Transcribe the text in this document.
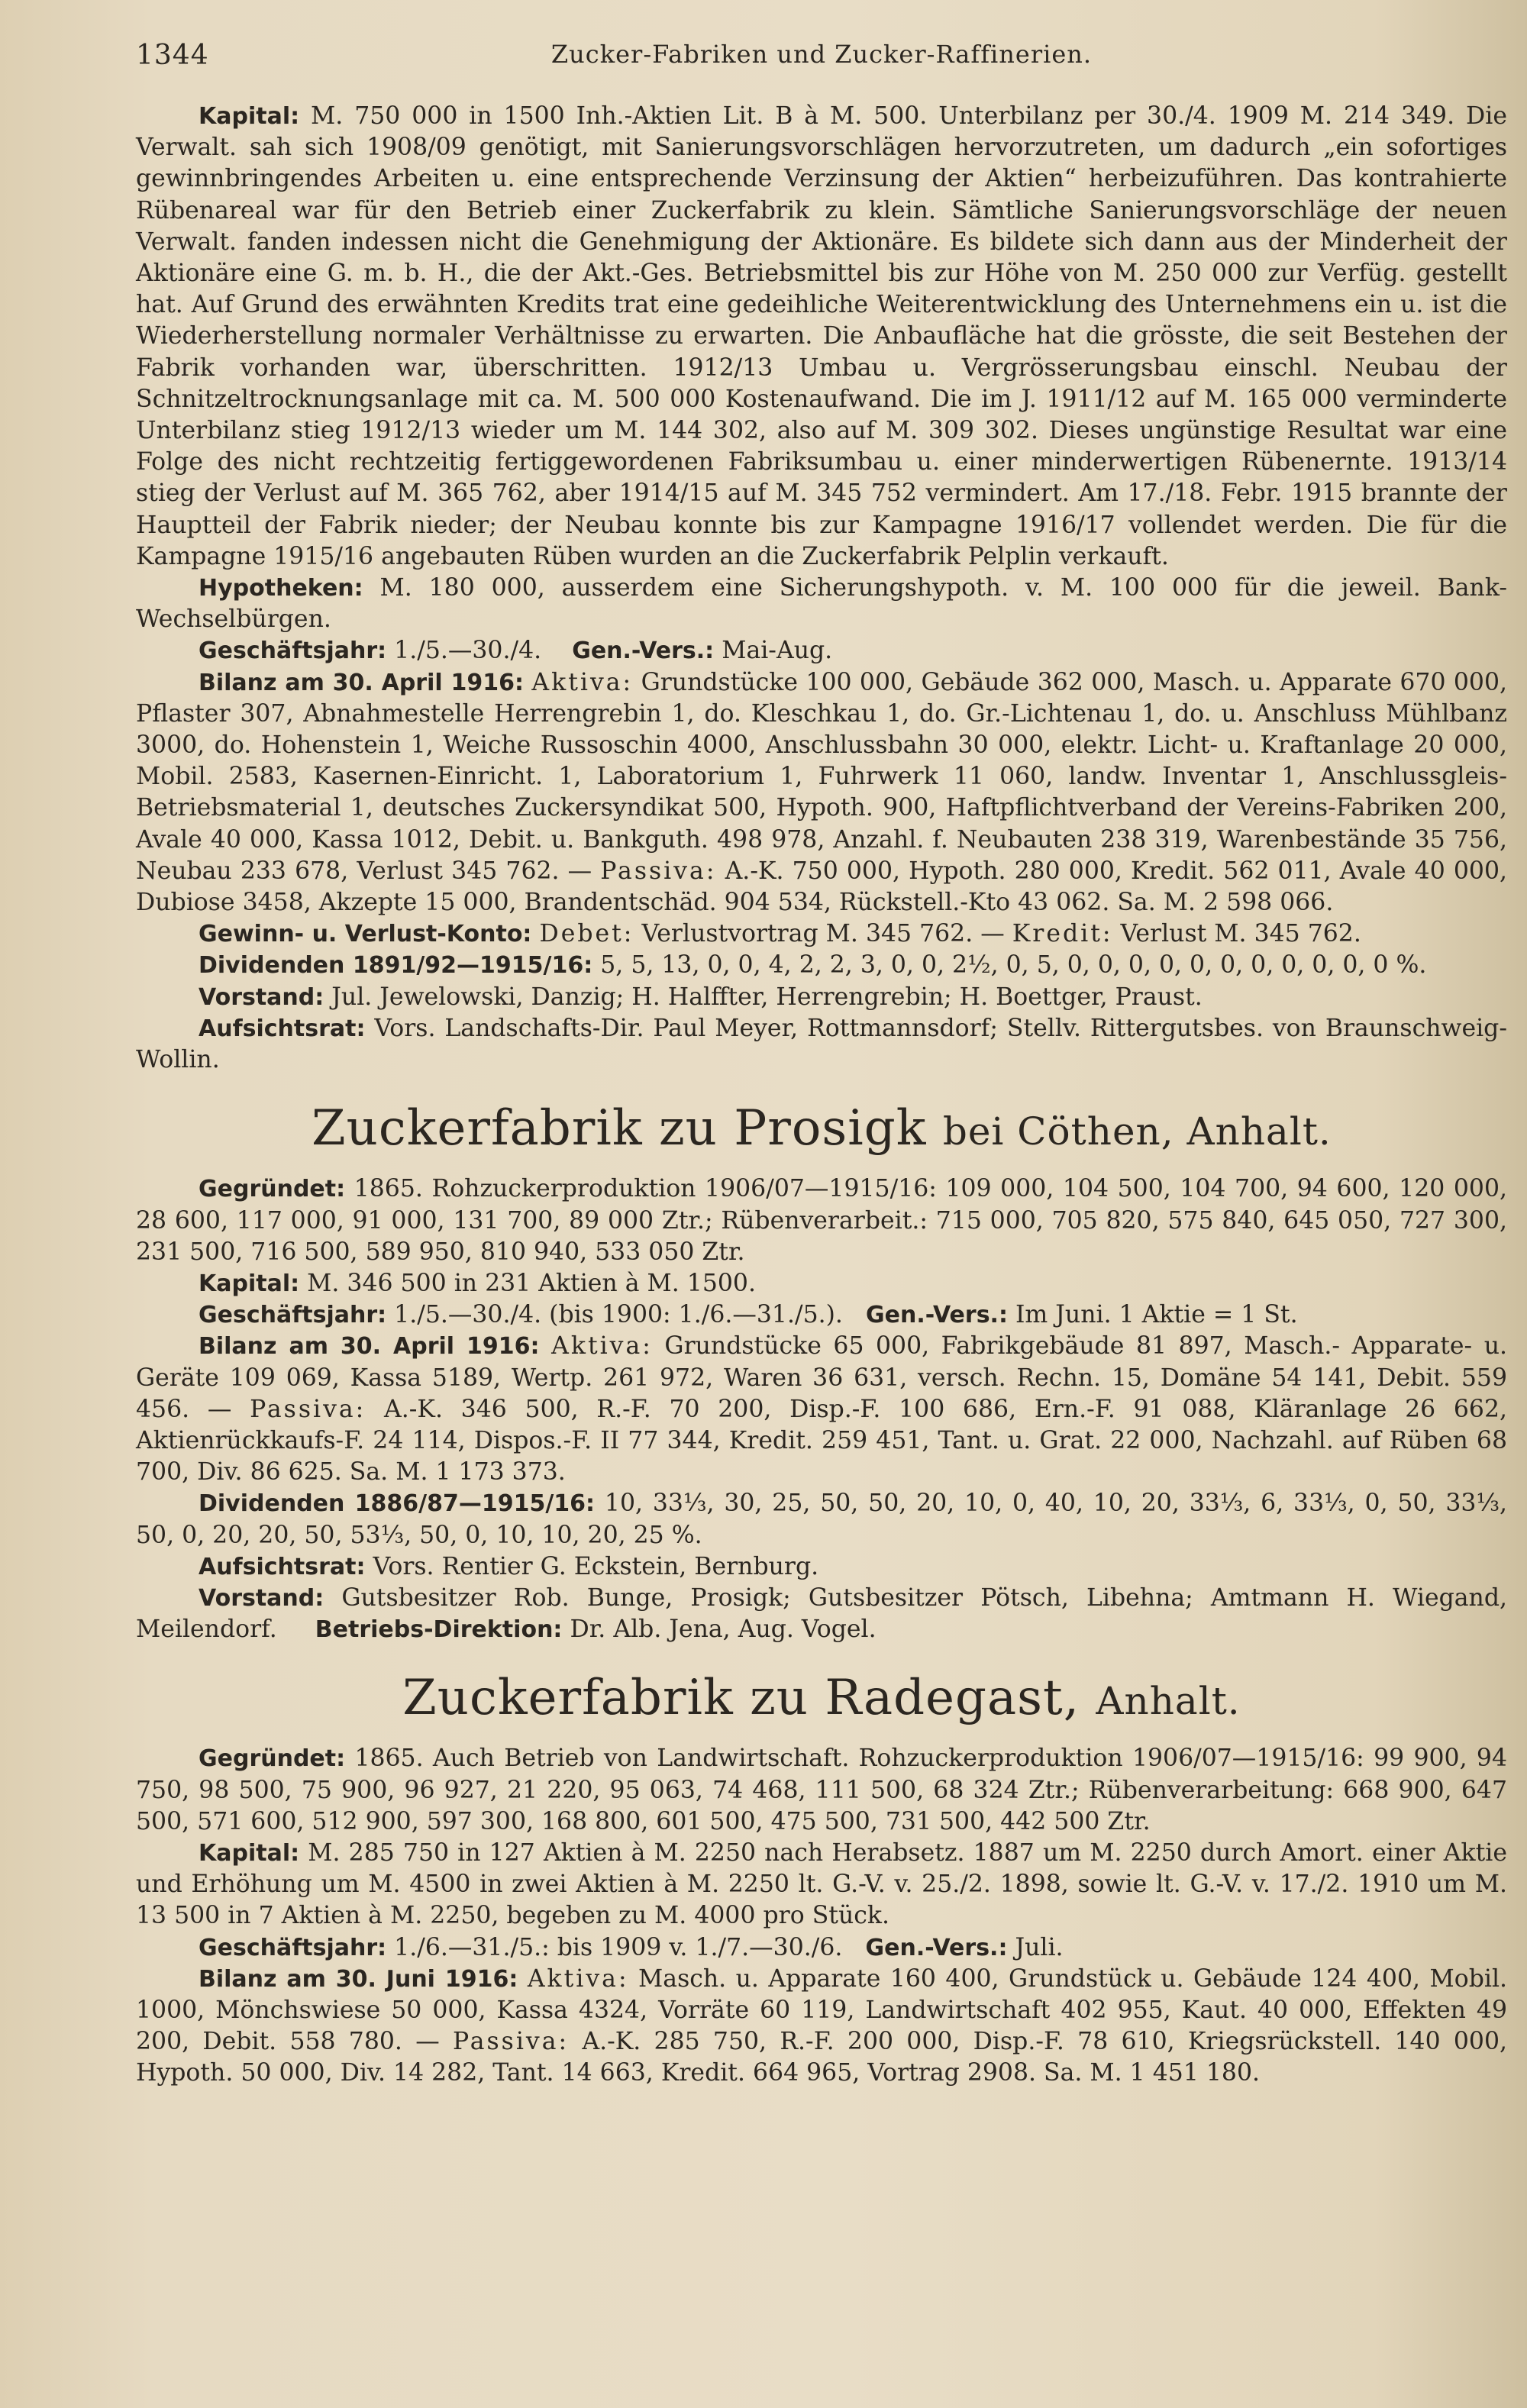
1344	Zucker-Fabriken und Zucker-Raffinerien.

Kapital: M. 750 000 in 1500 Inh.-Aktien Lit. B à M. 500. Unterbilanz per 30./4. 1909 M. 214 349. Die Verwalt. sah sich 1908/09 genötigt, mit Sanierungsvorschlägen hervorzutreten, um dadurch „ein sofortiges gewinnbringendes Arbeiten u. eine entsprechende Verzinsung der Aktien“ herbeizuführen. Das kontrahierte Rübenareal war für den Betrieb einer Zuckerfabrik zu klein. Sämtliche Sanierungsvorschläge der neuen Verwalt. fanden indessen nicht die Genehmigung der Aktionäre. Es bildete sich dann aus der Minderheit der Aktionäre eine G. m. b. H., die der Akt.-Ges. Betriebsmittel bis zur Höhe von M. 250 000 zur Verfüg. gestellt hat. Auf Grund des erwähnten Kredits trat eine gedeihliche Weiterentwicklung des Unternehmens ein u. ist die Wiederherstellung normaler Verhältnisse zu erwarten. Die Anbaufläche hat die grösste, die seit Bestehen der Fabrik vorhanden war, überschritten. 1912/13 Umbau u. Vergrösserungsbau einschl. Neubau der Schnitzeltrocknungsanlage mit ca. M. 500 000 Kostenaufwand. Die im J. 1911/12 auf M. 165 000 verminderte Unterbilanz stieg 1912/13 wieder um M. 144 302, also auf M. 309 302. Dieses ungünstige Resultat war eine Folge des nicht rechtzeitig fertiggewordenen Fabriksumbau u. einer minderwertigen Rübenernte. 1913/14 stieg der Verlust auf M. 365 762, aber 1914/15 auf M. 345 752 vermindert. Am 17./18. Febr. 1915 brannte der Hauptteil der Fabrik nieder; der Neubau konnte bis zur Kampagne 1916/17 vollendet werden. Die für die Kampagne 1915/16 angebauten Rüben wurden an die Zuckerfabrik Pelplin verkauft.

Hypotheken: M. 180 000, ausserdem eine Sicherungshypoth. v. M. 100 000 für die jeweil. Bank-Wechselbürgen.

Geschäftsjahr: 1./5.—30./4. Gen.-Vers.: Mai-Aug.

Bilanz am 30. April 1916: Aktiva: Grundstücke 100 000, Gebäude 362 000, Masch. u. Apparate 670 000, Pflaster 307, Abnahmestelle Herrengrebin 1, do. Kleschkau 1, do. Gr.-Lichtenau 1, do. u. Anschluss Mühlbanz 3000, do. Hohenstein 1, Weiche Russoschin 4000, Anschlussbahn 30 000, elektr. Licht- u. Kraftanlage 20 000, Mobil. 2583, Kasernen-Einricht. 1, Laboratorium 1, Fuhrwerk 11 060, landw. Inventar 1, Anschlussgleis-Betriebsmaterial 1, deutsches Zuckersyndikat 500, Hypoth. 900, Haftpflichtverband der Vereins-Fabriken 200, Avale 40 000, Kassa 1012, Debit. u. Bankguth. 498 978, Anzahl. f. Neubauten 238 319, Warenbestände 35 756, Neubau 233 678, Verlust 345 762. — Passiva: A.-K. 750 000, Hypoth. 280 000, Kredit. 562 011, Avale 40 000, Dubiose 3458, Akzepte 15 000, Brandentschäd. 904 534, Rückstell.-Kto 43 062. Sa. M. 2 598 066.

Gewinn- u. Verlust-Konto: Debet: Verlustvortrag M. 345 762. — Kredit: Verlust M. 345 762.

Dividenden 1891/92—1915/16: 5, 5, 13, 0, 0, 4, 2, 2, 3, 0, 0, 2½, 0, 5, 0, 0, 0, 0, 0, 0, 0, 0, 0, 0, 0 %.

Vorstand: Jul. Jewelowski, Danzig; H. Halffter, Herrengrebin; H. Boettger, Praust.

Aufsichtsrat: Vors. Landschafts-Dir. Paul Meyer, Rottmannsdorf; Stellv. Rittergutsbes. von Braunschweig-Wollin.

Zuckerfabrik zu Prosigk bei Cöthen, Anhalt.

Gegründet: 1865. Rohzuckerproduktion 1906/07—1915/16: 109 000, 104 500, 104 700, 94 600, 120 000, 28 600, 117 000, 91 000, 131 700, 89 000 Ztr.; Rübenverarbeit.: 715 000, 705 820, 575 840, 645 050, 727 300, 231 500, 716 500, 589 950, 810 940, 533 050 Ztr.

Kapital: M. 346 500 in 231 Aktien à M. 1500.

Geschäftsjahr: 1./5.—30./4. (bis 1900: 1./6.—31./5.). Gen.-Vers.: Im Juni. 1 Aktie = 1 St.

Bilanz am 30. April 1916: Aktiva: Grundstücke 65 000, Fabrikgebäude 81 897, Masch.- Apparate- u. Geräte 109 069, Kassa 5189, Wertp. 261 972, Waren 36 631, versch. Rechn. 15, Domäne 54 141, Debit. 559 456. — Passiva: A.-K. 346 500, R.-F. 70 200, Disp.-F. 100 686, Ern.-F. 91 088, Kläranlage 26 662, Aktienrückkaufs-F. 24 114, Dispos.-F. II 77 344, Kredit. 259 451, Tant. u. Grat. 22 000, Nachzahl. auf Rüben 68 700, Div. 86 625. Sa. M. 1 173 373.

Dividenden 1886/87—1915/16: 10, 33⅓, 30, 25, 50, 50, 20, 10, 0, 40, 10, 20, 33⅓, 6, 33⅓, 0, 50, 33⅓, 50, 0, 20, 20, 50, 53⅓, 50, 0, 10, 10, 20, 25 %.

Aufsichtsrat: Vors. Rentier G. Eckstein, Bernburg.

Vorstand: Gutsbesitzer Rob. Bunge, Prosigk; Gutsbesitzer Pötsch, Libehna; Amtmann H. Wiegand, Meilendorf. Betriebs-Direktion: Dr. Alb. Jena, Aug. Vogel.

Zuckerfabrik zu Radegast, Anhalt.

Gegründet: 1865. Auch Betrieb von Landwirtschaft. Rohzuckerproduktion 1906/07—1915/16: 99 900, 94 750, 98 500, 75 900, 96 927, 21 220, 95 063, 74 468, 111 500, 68 324 Ztr.; Rübenverarbeitung: 668 900, 647 500, 571 600, 512 900, 597 300, 168 800, 601 500, 475 500, 731 500, 442 500 Ztr.

Kapital: M. 285 750 in 127 Aktien à M. 2250 nach Herabsetz. 1887 um M. 2250 durch Amort. einer Aktie und Erhöhung um M. 4500 in zwei Aktien à M. 2250 lt. G.-V. v. 25./2. 1898, sowie lt. G.-V. v. 17./2. 1910 um M. 13 500 in 7 Aktien à M. 2250, begeben zu M. 4000 pro Stück.

Geschäftsjahr: 1./6.—31./5.: bis 1909 v. 1./7.—30./6. Gen.-Vers.: Juli.

Bilanz am 30. Juni 1916: Aktiva: Masch. u. Apparate 160 400, Grundstück u. Gebäude 124 400, Mobil. 1000, Mönchswiese 50 000, Kassa 4324, Vorräte 60 119, Landwirtschaft 402 955, Kaut. 40 000, Effekten 49 200, Debit. 558 780. — Passiva: A.-K. 285 750, R.-F. 200 000, Disp.-F. 78 610, Kriegsrückstell. 140 000, Hypoth. 50 000, Div. 14 282, Tant. 14 663, Kredit. 664 965, Vortrag 2908. Sa. M. 1 451 180.
